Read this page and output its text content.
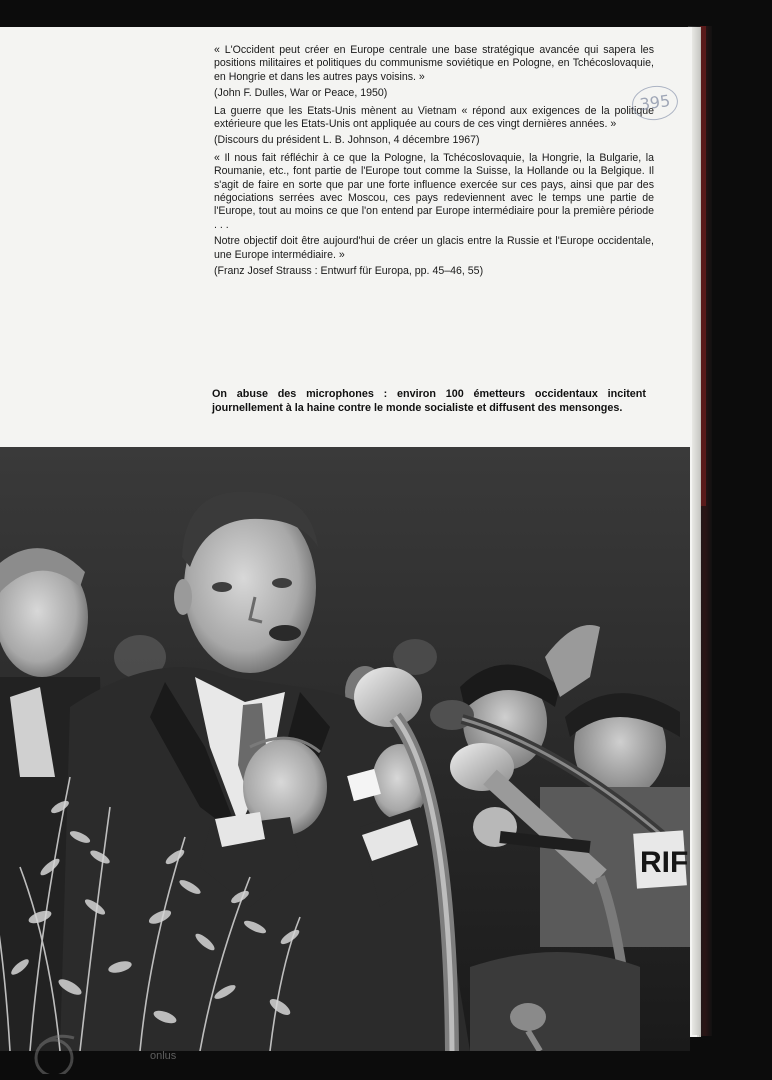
« L'Occident peut créer en Europe centrale une base stratégique avancée qui sapera les positions militaires et politiques du communisme soviétique en Pologne, en Tchécoslovaquie, en Hongrie et dans les autres pays voisins. »

(John F. Dulles, War or Peace, 1950)

La guerre que les Etats-Unis mènent au Vietnam « répond aux exigences de la politique extérieure que les Etats-Unis ont appliquée au cours de ces vingt dernières années. »

(Discours du président L. B. Johnson, 4 décembre 1967)

« Il nous fait réfléchir à ce que la Pologne, la Tchécoslovaquie, la Hongrie, la Bulgarie, la Roumanie, etc., font partie de l'Europe tout comme la Suisse, la Hollande ou la Belgique. Il s'agit de faire en sorte que par une forte influence exercée sur ces pays, ainsi que par des négociations serrées avec Moscou, ces pays redeviennent avec le temps une partie de l'Europe, tout au moins ce que l'on entend par Europe intermédiaire pour la première période . . .

Notre objectif doit être aujourd'hui de créer un glacis entre la Russie et l'Europe occidentale, une Europe intermédiaire. »

(Franz Josef Strauss : Entwurf für Europa, pp. 45–46, 55)

395
On abuse des microphones : environ 100 émetteurs occidentaux incitent journellement à la haine contre le monde socialiste et diffusent des mensonges.
RIF
onlus
